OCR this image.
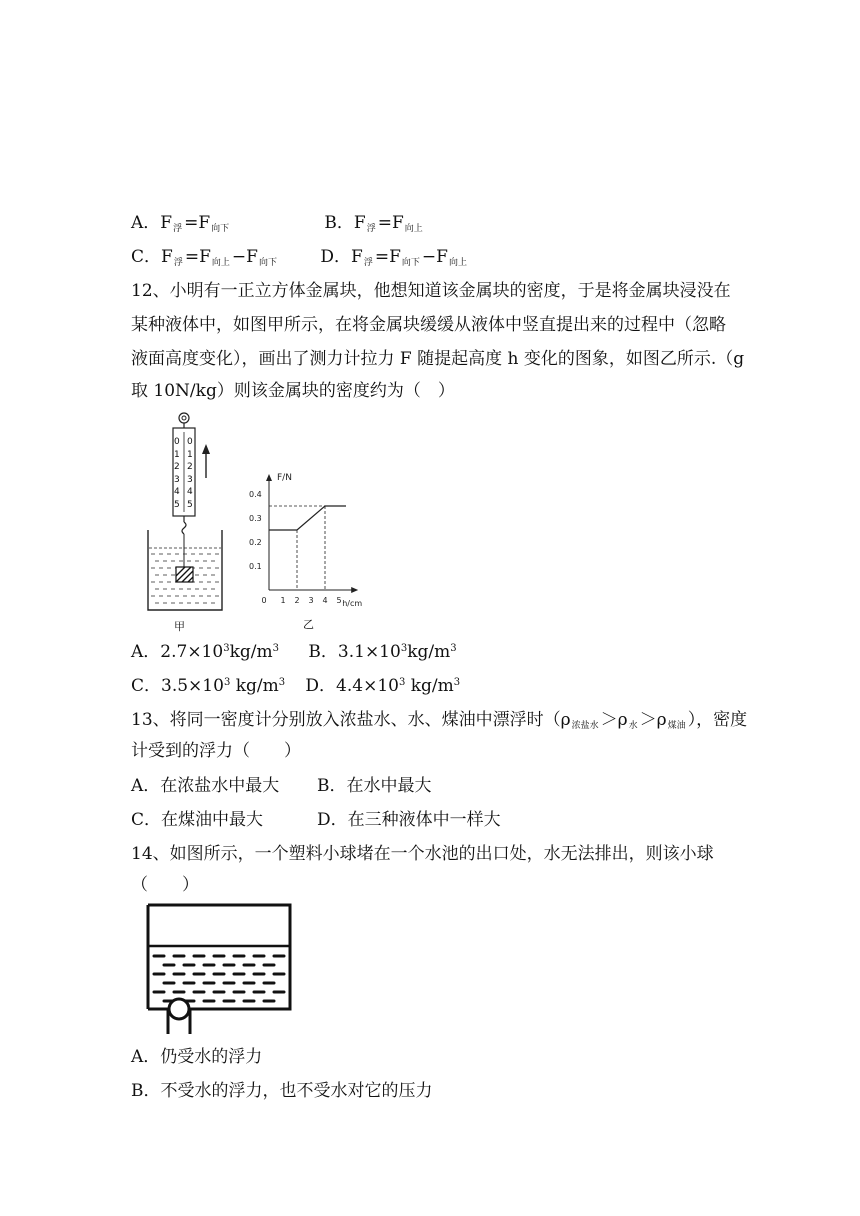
A．F浮 =F向下	B．F浮 =F向上
C．F浮 =F向上 −F向下	D．F浮 =F向下 −F向上
12、小明有一正立方体金属块，他想知道该金属块的密度，于是将金属块浸没在
某种液体中，如图甲所示，在将金属块缓缓从液体中竖直提出来的过程中（忽略
液面高度变化），画出了测力计拉力 F 随提起高度 h 变化的图象，如图乙所示.（g
取 10N/kg）则该金属块的密度约为（　）
0
1
2
3
4
5
0
1
2
3
4
5
甲
F/N
h/cm
0 1 2 3 4 5
0.1
0.2
0.3
0.4
乙
A．$2.7\times 10^3kg/m^3$ B．$3.1\times 10^3kg/m^3$
C．$3.5\times 10^3$ $kg/m^3$ D．$4.4\times 10^3$ $kg/m^3$
13、将同一密度计分别放入浓盐水、水、煤油中漂浮时（ρ浓盐水 ＞ρ水 ＞ρ煤油 ），密度
计受到的浮力（　　）
A．在浓盐水中最大 B．在水中最大
C．在煤油中最大	D．在三种液体中一样大
14、如图所示，一个塑料小球堵在一个水池的出口处，水无法排出，则该小球
（　　）
A．仍受水的浮力
B．不受水的浮力，也不受水对它的压力
